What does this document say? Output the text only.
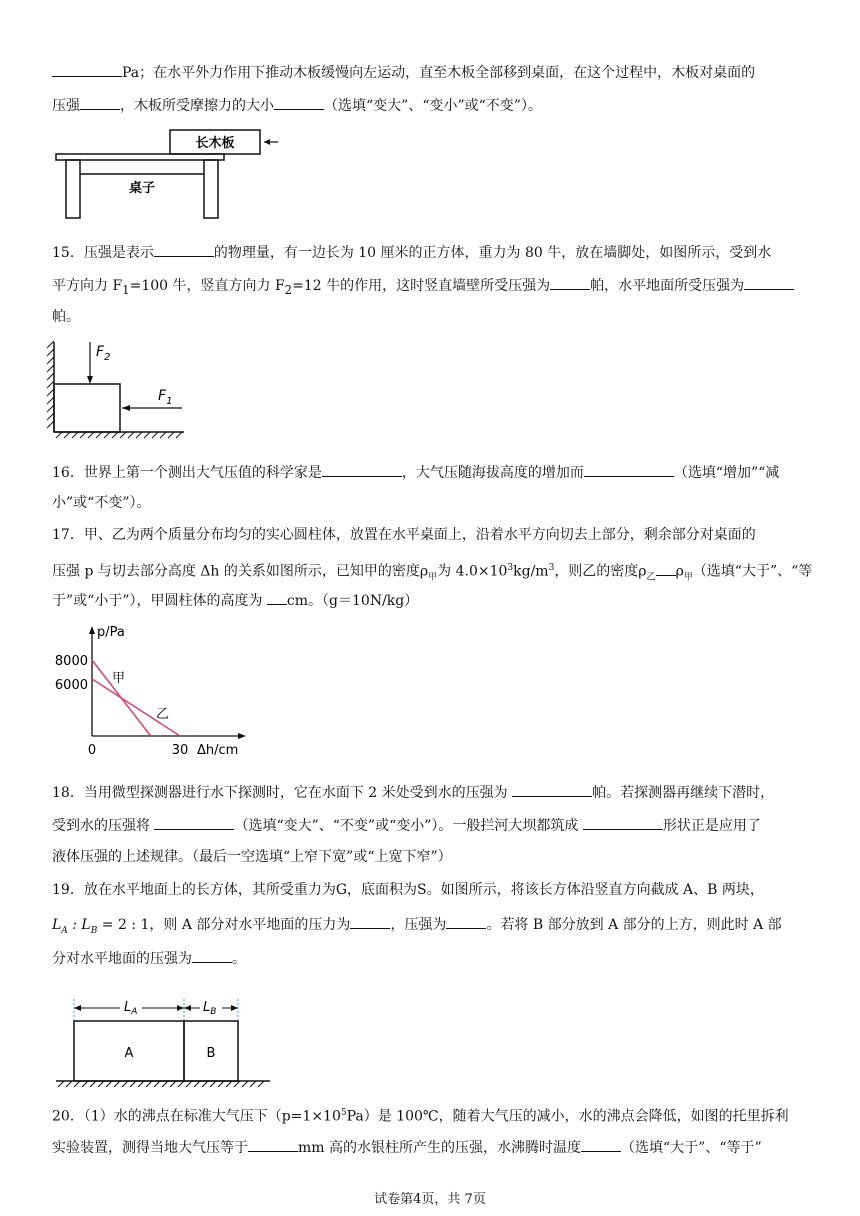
Pa；在水平外力作用下推动木板缓慢向左运动，直至木板全部移到桌面，在这个过程中，木板对桌面的
压强	，木板所受摩擦力的大小	（选填“变大”、“变小”或“不变”）。
长木板
桌子
15．压强是表示	的物理量，有一边长为 10 厘米的正方体，重力为 80 牛，放在墙脚处，如图所示，受到水
平方向力 $F_1=100$ 牛，竖直方向力 $F_2=12$ 牛的作用，这时竖直墙壁所受压强为	帕，水平地面所受压强为
帕。
$F_2$
$F_1$
16．世界上第一个测出大气压值的科学家是	，大气压随海拔高度的增加而	（选填“增加”“减
小”或“不变”）。
17．甲、乙为两个质量分布均匀的实心圆柱体，放置在水平桌面上，沿着水平方向切去上部分，剩余部分对桌面的
压强 p 与切去部分高度 Δh 的关系如图所示，已知甲的密度$\rho_甲$为 $4.0\times 10^3kg/m^3$，则乙的密度$\rho_乙$ $\rho_甲$（选填“大于”、“等
于”或“小于”），甲圆柱体的高度为 cm。（g＝10N/kg）
p/Pa
Δh/cm
8000
6000
0	30
甲
乙
18．当用微型探测器进行水下探测时，它在水面下 2 米处受到水的压强为	帕。若探测器再继续下潜时，
受到水的压强将	（选填“变大”、“不变”或“变小”）。一般拦河大坝都筑成	形状正是应用了
液体压强的上述规律。（最后一空选填“上窄下宽”或“上宽下窄”）
19．放在水平地面上的长方体，其所受重力为G，底面积为S。如图所示，将该长方体沿竖直方向截成 A、B 两块，
$L_A$ : $L_B = 2$ : 1，则 A 部分对水平地面的压力为	，压强为	。若将 B 部分放到 A 部分的上方，则此时 A 部
分对水平地面的压强为	。
$L_A$	$L_B$
A	B
20．（1）水的沸点在标准大气压下$(p=1\times 10^5Pa)$是 100℃，随着大气压的减小，水的沸点会降低，如图的托里拆利
实验装置，测得当地大气压等于	mm 高的水银柱所产生的压强，水沸腾时温度	（选填“大于”、“等于”
试卷第4页，共 7页
